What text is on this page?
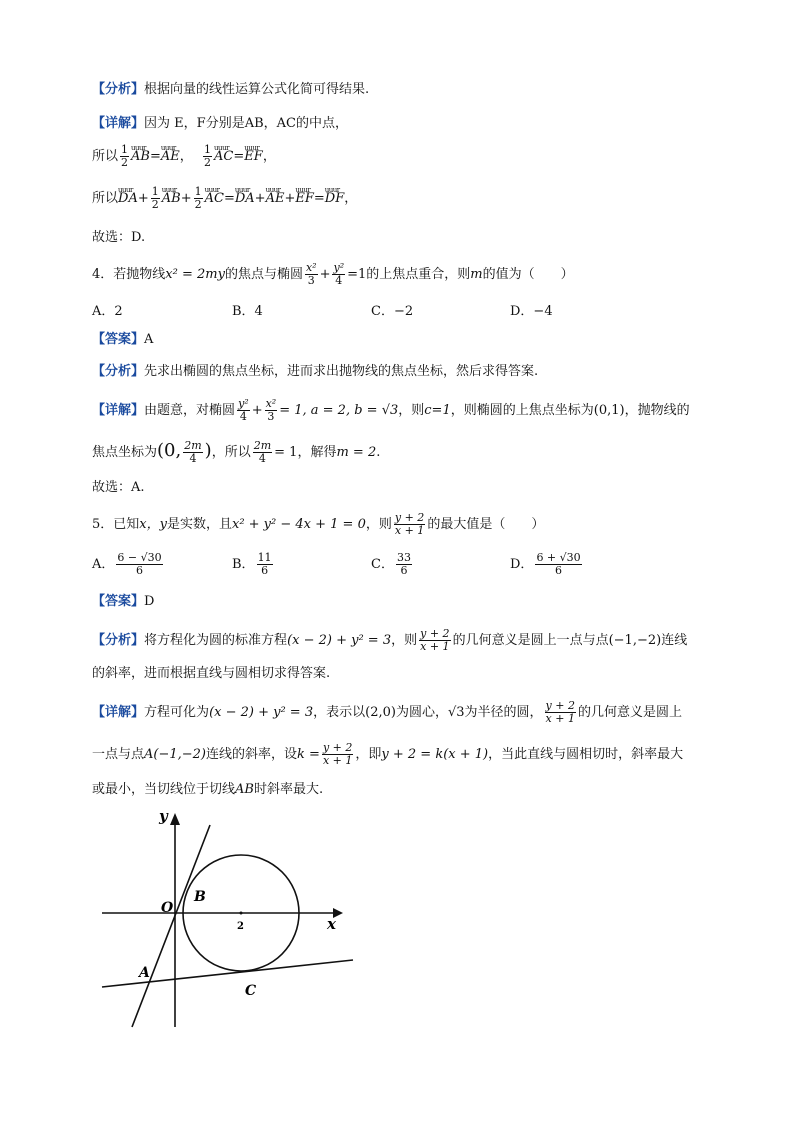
【分析】根据向量的线性运算公式化简可得结果.
【详解】因为 E，F分别是AB，AC的中点，
所以 $\frac{1}{2}$ uuur AB=uuur AE， $\frac{1}{2}$ uuur AC=uuur EF，
所以uuur $DA+ \frac{1}{2}$ uuur $AB+ \frac{1}{2}$ uuur AC=uuur DA+uuur AE+uuur EF=uuur DF，
故选：D.
4．若抛物线x² = 2my的焦点与椭圆 $\frac{\text{x²}}{3} + \frac{\text{y²}}{4} =1$的上焦点重合，则m的值为（　　）
A．2	B．4	C．−2	D．−4
【答案】A
【分析】先求出椭圆的焦点坐标，进而求出抛物线的焦点坐标，然后求得答案.
【详解】由题意，对椭圆 $\frac{\text{y²}}{4} + \frac{\text{x²}}{3} = 1$, a = 2, b = √3，则c=1，则椭圆的上焦点坐标为(0,1)，抛物线的
焦点坐标为(0, $\frac{2m}{4}$ )，所以 $\frac{2m}{4} = 1$，解得m = 2.
故选：A.
5．已知x，y是实数，且x² + y² − 4x + 1 = 0，则 $\frac{y + 2}{x + 1}$ 的最大值是（　　）
A． $\frac{6 - √30}{6}$	B． $\frac{11}{6}$	C． $\frac{33}{6}$	D． $\frac{6 + √30}{6}$
【答案】D
【分析】将方程化为圆的标准方程(x − 2) + y² = 3，则 $\frac{y + 2}{x + 1}$ 的几何意义是圆上一点与点(−1,−2)连线
的斜率，进而根据直线与圆相切求得答案.
【详解】方程可化为(x − 2) + y² = 3，表示以(2,0)为圆心，√3为半径的圆， $\frac{y + 2}{x + 1}$ 的几何意义是圆上
一点与点A(−1,−2)连线的斜率，设$k = \frac{y + 2}{x + 1}$ ，即y + 2 = k(x + 1)，当此直线与圆相切时，斜率最大
或最小，当切线位于切线AB时斜率最大.
y
x
O
B
2
A
C
